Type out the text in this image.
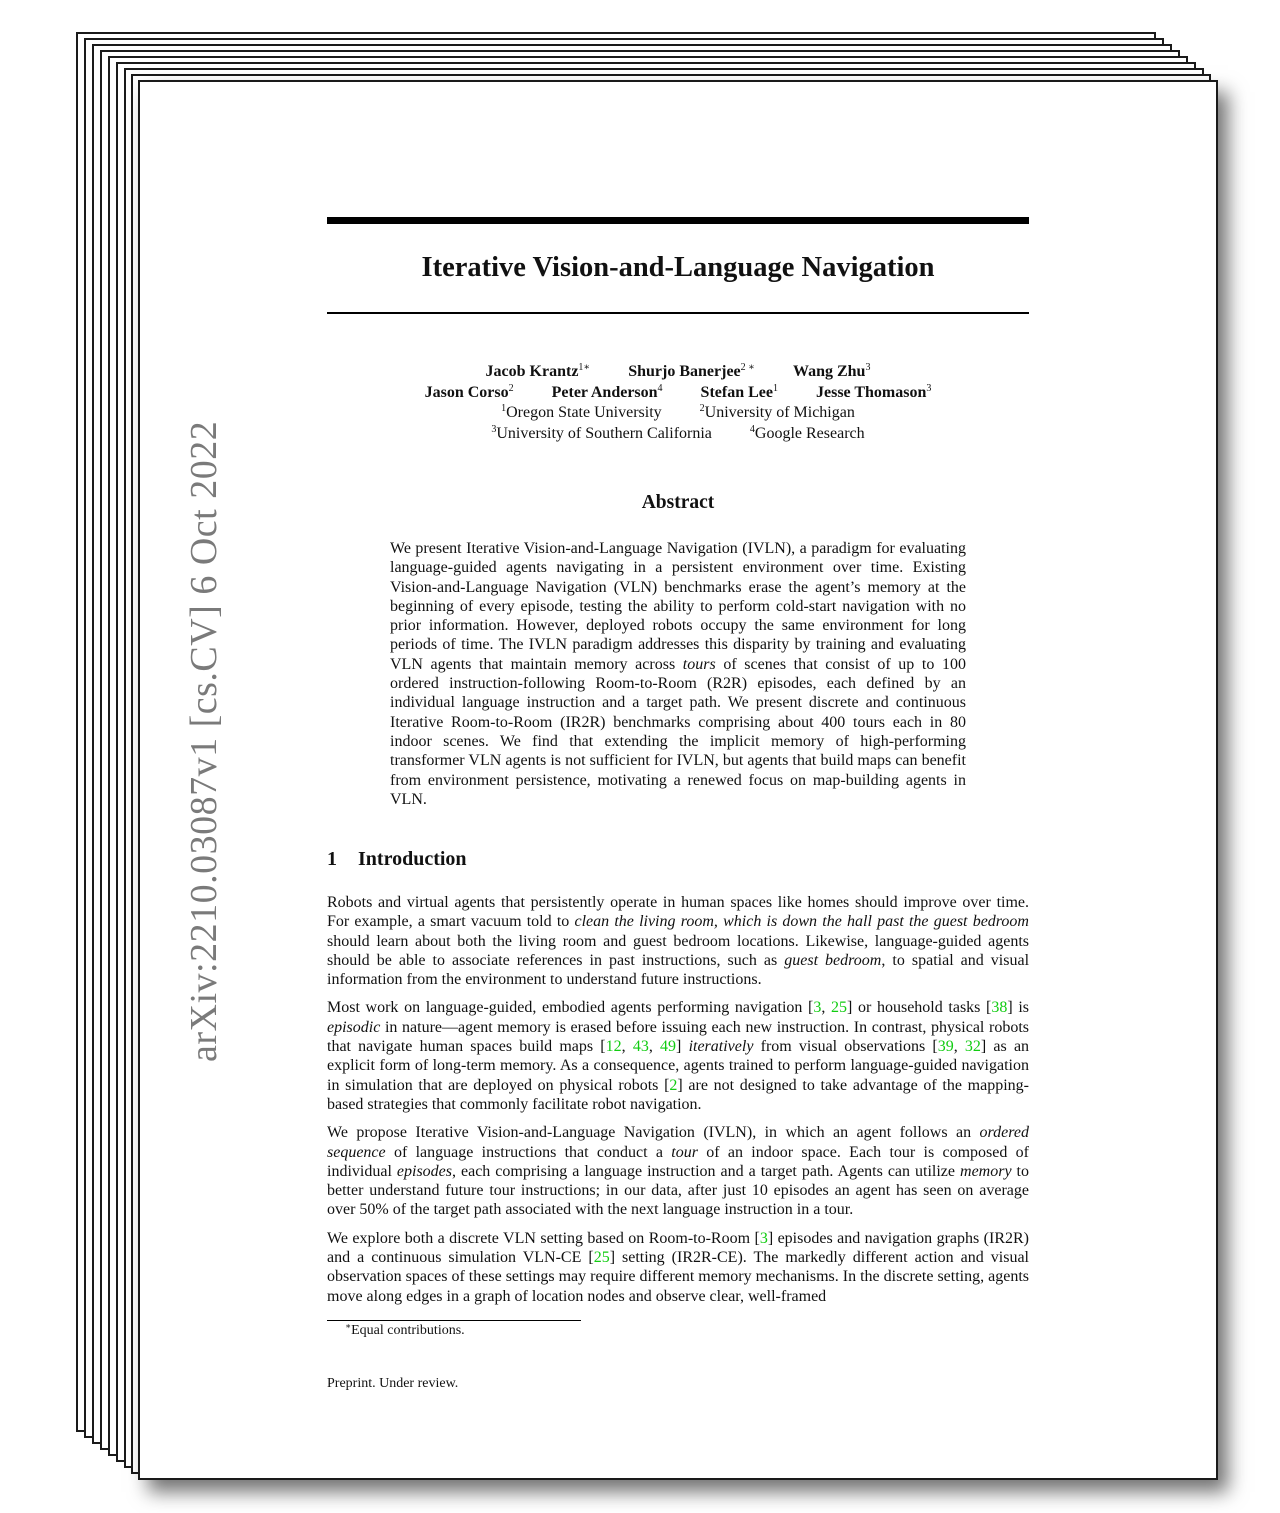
arXiv:2210.03087v1 [cs.CV] 6 Oct 2022
Iterative Vision-and-Language Navigation
Jacob Krantz$^{1∗}$ Shurjo Banerjee$^{2 ∗}$ Wang Zhu$^3$
Jason Corso$^2$ Peter Anderson$^4$ Stefan Lee$^1$ Jesse Thomason$^3$
$^1$Oregon State University	$^2$University of Michigan
$^3$University of Southern California	$^4$Google Research
Abstract
We present Iterative Vision-and-Language Navigation (IVLN), a paradigm for evaluating language-guided agents navigating in a persistent environment over time. Existing Vision-and-Language Navigation (VLN) benchmarks erase the agent’s memory at the beginning of every episode, testing the ability to perform cold-start navigation with no prior information. However, deployed robots occupy the same environment for long periods of time. The IVLN paradigm addresses this disparity by training and evaluating VLN agents that maintain memory across tours of scenes that consist of up to 100 ordered instruction-following Room-to-Room (R2R) episodes, each defined by an individual language instruction and a target path. We present discrete and continuous Iterative Room-to-Room (IR2R) benchmarks comprising about 400 tours each in 80 indoor scenes. We find that extending the implicit memory of high-performing transformer VLN agents is not sufficient for IVLN, but agents that build maps can benefit from environment persistence, motivating a renewed focus on map-building agents in VLN.
1 Introduction

Robots and virtual agents that persistently operate in human spaces like homes should improve over time. For example, a smart vacuum told to clean the living room, which is down the hall past the guest bedroom should learn about both the living room and guest bedroom locations. Likewise, language-guided agents should be able to associate references in past instructions, such as guest bedroom, to spatial and visual information from the environment to understand future instructions.

Most work on language-guided, embodied agents performing navigation [3, 25] or household tasks [38] is episodic in nature—agent memory is erased before issuing each new instruction. In contrast, physical robots that navigate human spaces build maps [12, 43, 49] iteratively from visual observations [39, 32] as an explicit form of long-term memory. As a consequence, agents trained to perform language-guided navigation in simulation that are deployed on physical robots [2] are not designed to take advantage of the mapping-based strategies that commonly facilitate robot navigation.

We propose Iterative Vision-and-Language Navigation (IVLN), in which an agent follows an ordered sequence of language instructions that conduct a tour of an indoor space. Each tour is composed of individual episodes, each comprising a language instruction and a target path. Agents can utilize memory to better understand future tour instructions; in our data, after just 10 episodes an agent has seen on average over 50% of the target path associated with the next language instruction in a tour.

We explore both a discrete VLN setting based on Room-to-Room [3] episodes and navigation graphs (IR2R) and a continuous simulation VLN-CE [25] setting (IR2R-CE). The markedly different action and visual observation spaces of these settings may require different memory mechanisms. In the discrete setting, agents move along edges in a graph of location nodes and observe clear, well-framed

∗Equal contributions.
Preprint. Under review.
